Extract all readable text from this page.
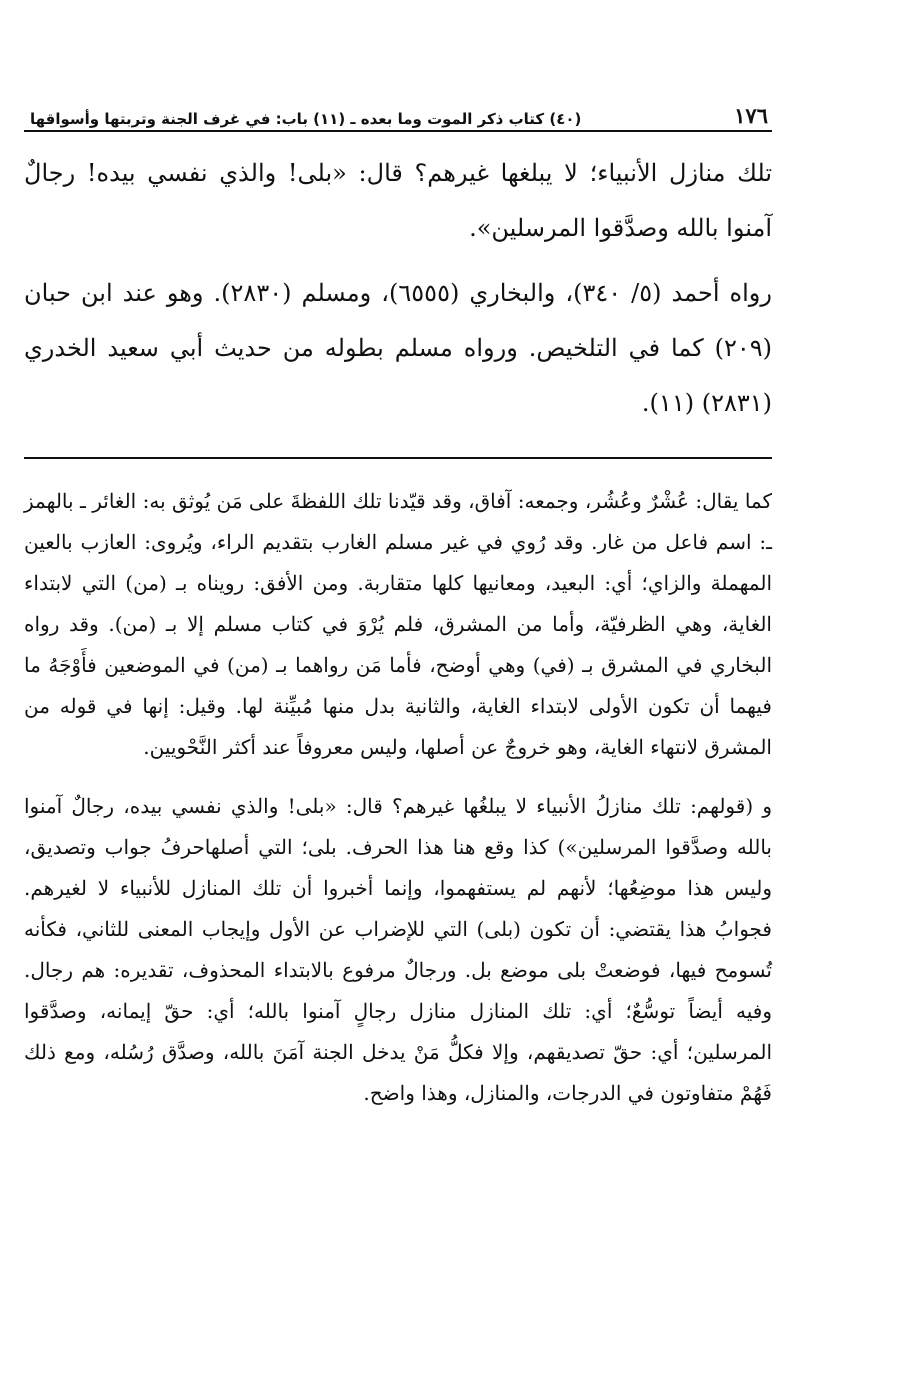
١٧٦
(٤٠) كتاب ذكر الموت وما بعده ـ (١١) باب: في غرف الجنة وتربتها وأسواقها

تلك منازل الأنبياء؛ لا يبلغها غيرهم؟ قال: «بلى! والذي نفسي بيده! رجالٌ آمنوا بالله وصدَّقوا المرسلين».

رواه أحمد (٥/ ٣٤٠)، والبخاري (٦٥٥٥)، ومسلم (٢٨٣٠). وهو عند ابن حبان (٢٠٩) كما في التلخيص. ورواه مسلم بطوله من حديث أبي سعيد الخدري (٢٨٣١) (١١).

كما يقال: عُشْرٌ وعُشُر، وجمعه: آفاق، وقد قيّدنا تلك اللفظةَ على مَن يُوثق به: الغائر ـ بالهمز ـ: اسم فاعل من غار. وقد رُوي في غير مسلم الغارب بتقديم الراء، ويُروى: العازب بالعين المهملة والزاي؛ أي: البعيد، ومعانيها كلها متقاربة. ومن الأفق: رويناه بـ (من) التي لابتداء الغاية، وهي الظرفيّة، وأما من المشرق، فلم يُرْوَ في كتاب مسلم إلا بـ (من). وقد رواه البخاري في المشرق بـ (في) وهي أوضح، فأما مَن رواهما بـ (من) في الموضعين فأَوْجَهُ ما فيهما أن تكون الأولى لابتداء الغاية، والثانية بدل منها مُبيِّنة لها. وقيل: إنها في قوله من المشرق لانتهاء الغاية، وهو خروجٌ عن أصلها، وليس معروفاً عند أكثر النَّحْويين.

و (قولهم: تلك منازلُ الأنبياء لا يبلغُها غيرهم؟ قال: «بلى! والذي نفسي بيده، رجالٌ آمنوا بالله وصدَّقوا المرسلين») كذا وقع هنا هذا الحرف. بلى؛ التي أصلهاحرفُ جواب وتصديق، وليس هذا موضِعُها؛ لأنهم لم يستفهموا، وإنما أخبروا أن تلك المنازل للأنبياء لا لغيرهم. فجوابُ هذا يقتضي: أن تكون (بلى) التي للإضراب عن الأول وإيجاب المعنى للثاني، فكأنه تُسومح فيها، فوضعتْ بلى موضع بل. ورجالٌ مرفوع بالابتداء المحذوف، تقديره: هم رجال. وفيه أيضاً توسُّعٌ؛ أي: تلك المنازل منازل رجالٍ آمنوا بالله؛ أي: حقّ إيمانه، وصدَّقوا المرسلين؛ أي: حقّ تصديقهم، وإلا فكلُّ مَنْ يدخل الجنة آمَنَ بالله، وصدَّق رُسُله، ومع ذلك فَهُمْ متفاوتون في الدرجات، والمنازل، وهذا واضح.
